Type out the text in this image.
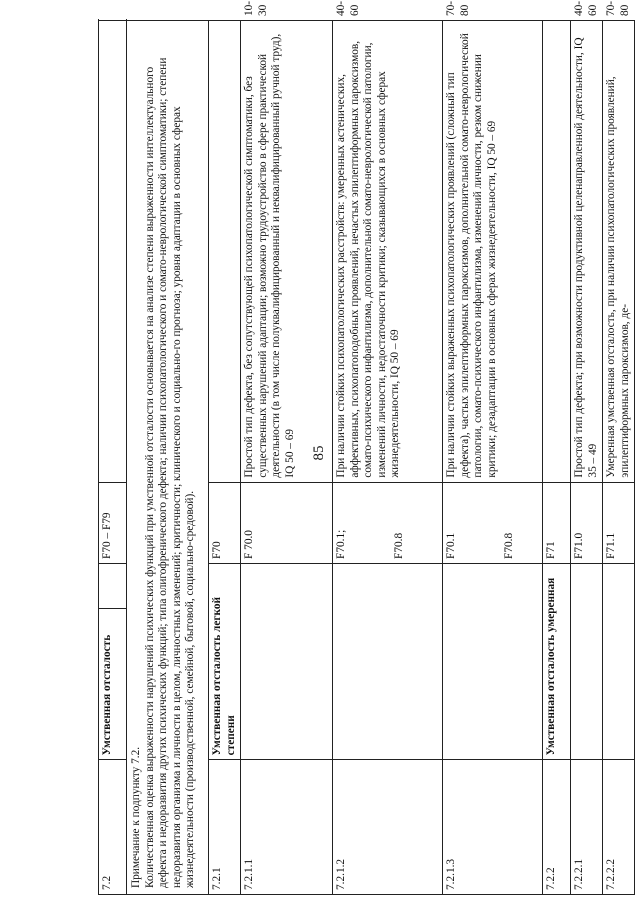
85
7.2	Умственная отсталость		F70 – F79		

Примечание к подпункту 7.2. Количественная оценка выраженности нарушений психических функций при умственной отсталости основывается на анализе степени выраженности интеллектуального дефекта и недоразвития других психических функций; типа олигофренического дефекта; наличии психопатологического и сомато-неврологической симптоматики; степени недоразвития организма и личности в целом, личностных изменений; критичности; клинического и социально-го прогноза; уровня адаптации в основных сферах жизнедеятельности (производственной, семейной, бытовой, социально-средовой).					
7.2.1	Умственная отсталость легкой степени		F70		
7.2.1.1			F 70.0	Простой тип дефекта, без сопутствующей психопатологической симптоматики, без существенных нарушений адаптации; возможно трудоустройство в сфере практической деятельности (в том числе полуквалифицированный и неквалифицированный ручной труд), IQ 50 – 69	10-30
7.2.1.2			F70.1; F70.8	При наличии стойких психопатологических расстройств: умеренных астенических, аффективных, психопатоподобных проявлений, нечастых эпилептиформных пароксизмов, сомато-психического инфантилизма, дополнительной сомато-неврологической патологии, изменений личности, недостаточности критики; сказывающихся в основных сферах жизнедеятельности, IQ 50 – 69	40-60
7.2.1.3			F70.1 F70.8	При наличии стойких выраженных психопатологических проявлений (сложный тип дефекта), частых эпилептиформных пароксизмов, дополнительной сомато-неврологической патологии, сомато-психического инфантилизма, изменений личности, резком снижении критики; дезадаптации в основных сферах жизнедеятельности, IQ 50 – 69	70-80
7.2.2	Умственная отсталость умеренная		F71		
7.2.2.1			F71.0	Простой тип дефекта; при возможности продуктивной целенаправленной деятельности, IQ 35 – 49	40-60
7.2.2.2			F71.1	Умеренная умственная отсталость, при наличии психопатологических проявлений, эпилептиформных пароксизмов, де-	70-80
